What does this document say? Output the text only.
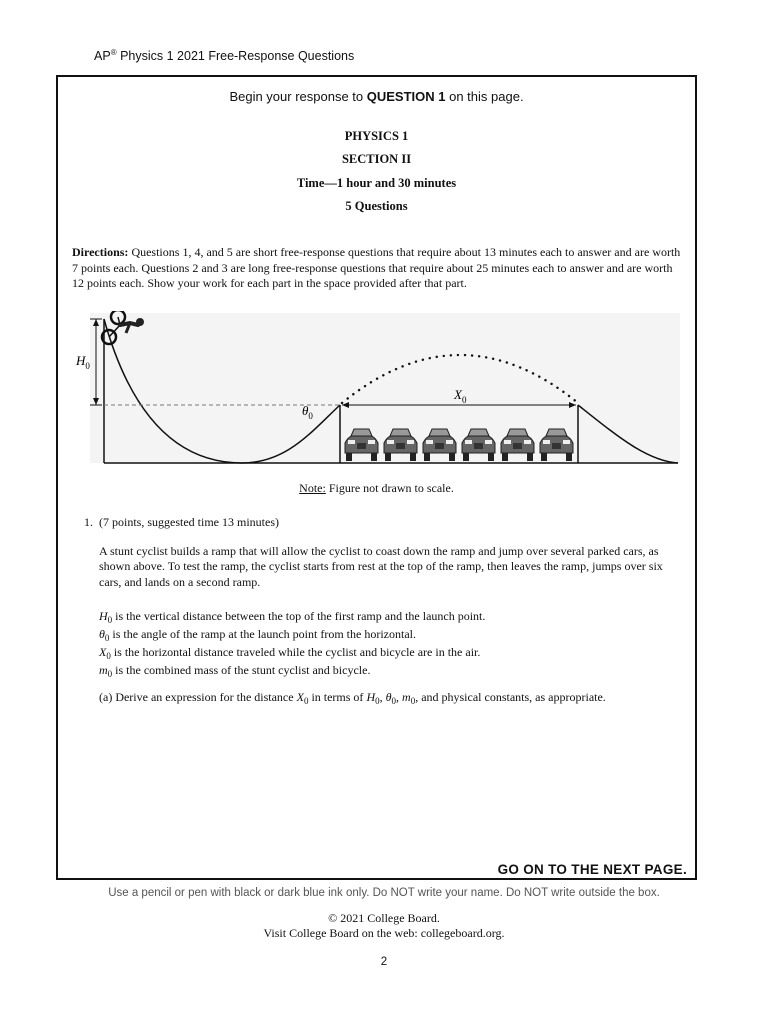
AP® Physics 1 2021 Free-Response Questions
Begin your response to QUESTION 1 on this page.
PHYSICS 1
SECTION II
Time—1 hour and 30 minutes
5 Questions
Directions: Questions 1, 4, and 5 are short free-response questions that require about 13 minutes each to answer and are worth 7 points each. Questions 2 and 3 are long free-response questions that require about 25 minutes each to answer and are worth 12 points each. Show your work for each part in the space provided after that part.
$H_0$
$\theta_0$
$X_0$
Note: Figure not drawn to scale.
1. (7 points, suggested time 13 minutes)
A stunt cyclist builds a ramp that will allow the cyclist to coast down the ramp and jump over several parked cars, as shown above. To test the ramp, the cyclist starts from rest at the top of the ramp, then leaves the ramp, jumps over six cars, and lands on a second ramp.
$H_0$ is the vertical distance between the top of the first ramp and the launch point.
$\theta_0$ is the angle of the ramp at the launch point from the horizontal.
$X_0$ is the horizontal distance traveled while the cyclist and bicycle are in the air.
$m_0$ is the combined mass of the stunt cyclist and bicycle.
(a) Derive an expression for the distance $X_0$ in terms of $H_0$, $\theta_0$, $m_0$, and physical constants, as appropriate.
GO ON TO THE NEXT PAGE.
Use a pencil or pen with black or dark blue ink only. Do NOT write your name. Do NOT write outside the box.
© 2021 College Board.
Visit College Board on the web: collegeboard.org.
2
